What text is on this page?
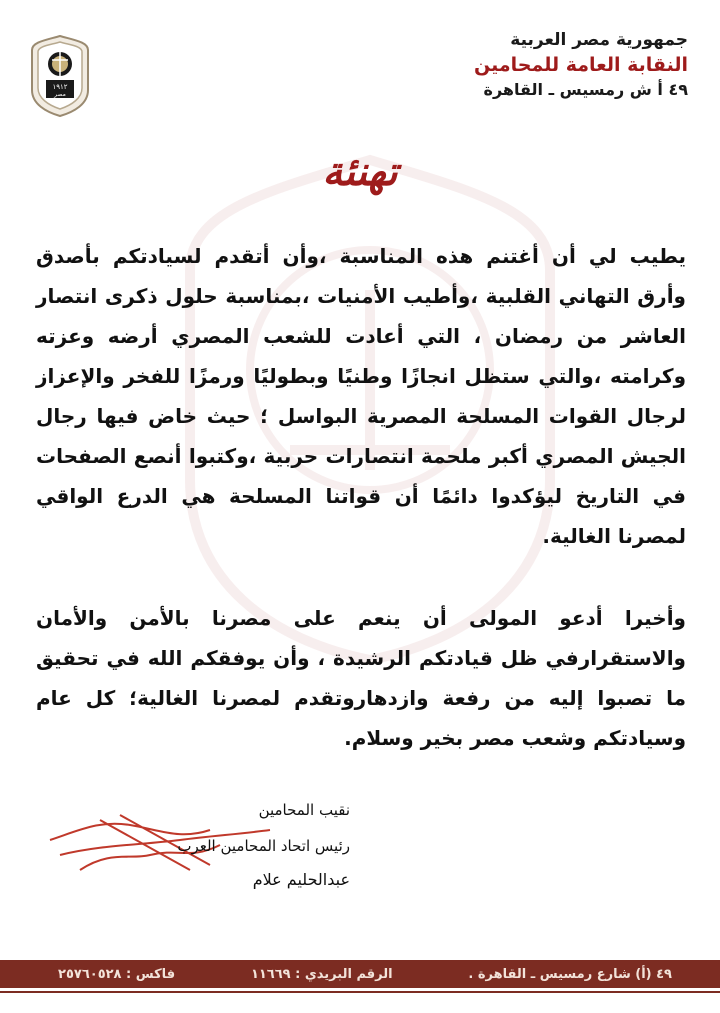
١٩١٢
مصر
جمهورية مصر العربية
النقابة العامة للمحامين
٤٩ أ ش رمسيس ـ القاهرة
تهنئة

يطيب لي أن أغتنم هذه المناسبة ،وأن أتقدم لسيادتكم بأصدق وأرق التهاني القلبية ،وأطيب الأمنيات ،بمناسبة حلول ذكرى انتصار العاشر من رمضان ، التي أعادت للشعب المصري أرضه وعزته وكرامته ،والتي ستظل انجازًا وطنيًا وبطوليًا ورمزًا للفخر والإعزاز لرجال القوات المسلحة المصرية البواسل ؛ حيث خاض فيها رجال الجيش المصري أكبر ملحمة انتصارات حربية ،وكتبوا أنصع الصفحات في التاريخ ليؤكدوا دائمًا أن قواتنا المسلحة هي الدرع الواقي لمصرنا الغالية.

وأخيرا أدعو المولى أن ينعم على مصرنا بالأمن والأمان والاستقرارفي ظل قيادتكم الرشيدة ، وأن يوفقكم الله في تحقيق ما تصبوا إليه من رفعة وازدهاروتقدم لمصرنا الغالية؛ كل عام وسيادتكم وشعب مصر بخير وسلام.

نقيب المحامين
رئيس اتحاد المحامين العرب
عبدالحليم علام
٤٩ (أ) شارع رمسيس ـ القاهرة .
الرقم البريدي : ١١٦٦٩
فاكس : ٢٥٧٦٠٥٢٨
